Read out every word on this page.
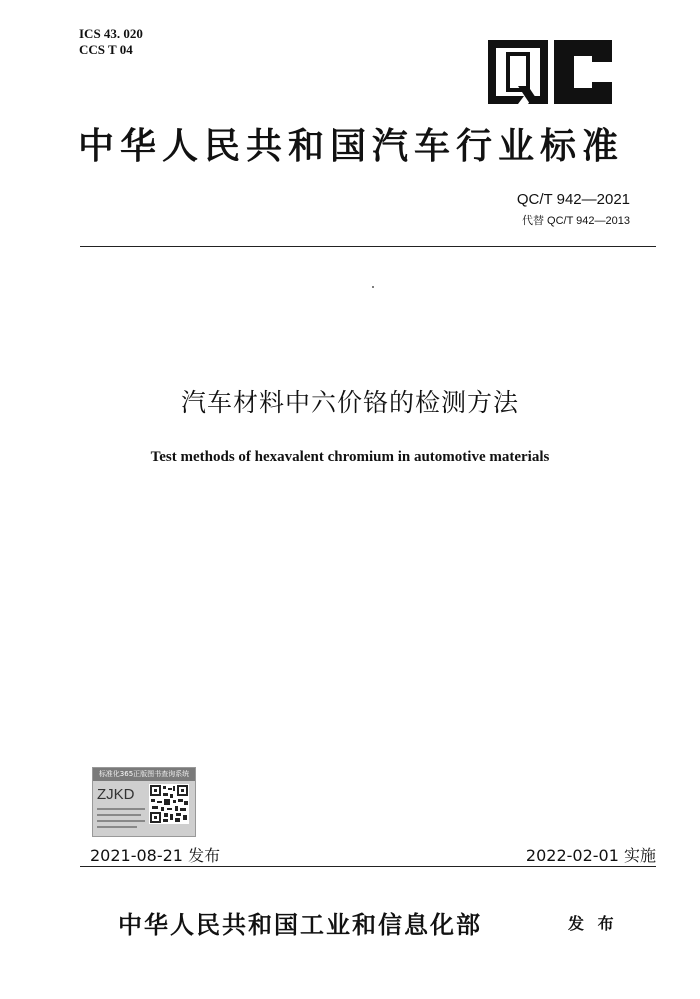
ICS 43. 020
CCS T 04
中华人民共和国汽车行业标准
QC/T 942—2021
代替 QC/T 942—2013
汽车材料中六价铬的检测方法
Test methods of hexavalent chromium in automotive materials
标准化365正版图书查询系统
ZJKD
2021-08-21 发布	2022-02-01 实施
中华人民共和国工业和信息化部	发 布
